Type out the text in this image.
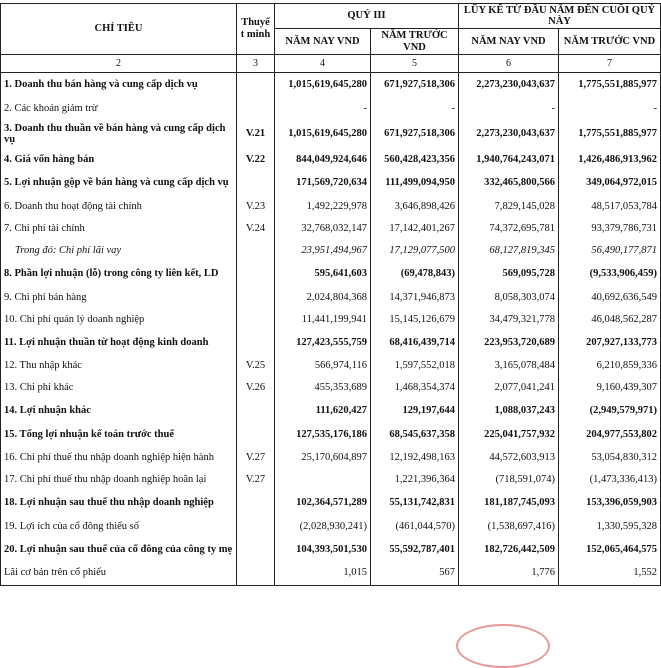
CHỈ TIÊU	Thuyế t minh	QUÝ III		LŨY KẾ TỪ ĐẦU NĂM ĐẾN CUỐI QUÝ NÀY	
		NĂM NAY VND	NĂM TRƯỚC VND	NĂM NAY VND	NĂM TRƯỚC VND
2	3	4	5	6	7
1. Doanh thu bán hàng và cung cấp dịch vụ		1,015,619,645,280	671,927,518,306	2,273,230,043,637	1,775,551,885,977
2. Các khoản giảm trừ		-	-	-	-
3. Doanh thu thuần về bán hàng và cung cấp dịch vụ	V.21	1,015,619,645,280	671,927,518,306	2,273,230,043,637	1,775,551,885,977
4. Giá vốn hàng bán	V.22	844,049,924,646	560,428,423,356	1,940,764,243,071	1,426,486,913,962
5. Lợi nhuận gộp về bán hàng và cung cấp dịch vụ		171,569,720,634	111,499,094,950	332,465,800,566	349,064,972,015
6. Doanh thu hoạt động tài chính	V.23	1,492,229,978	3,646,898,426	7,829,145,028	48,517,053,784
7. Chi phí tài chính	V.24	32,768,032,147	17,142,401,267	74,372,695,781	93,379,786,731
Trong đó: Chi phí lãi vay		23,951,494,967	17,129,077,500	68,127,819,345	56,490,177,871
8. Phần lợi nhuận (lỗ) trong công ty liên kết, LD		595,641,603	(69,478,843)	569,095,728	(9,533,906,459)
9. Chi phí bán hàng		2,024,804,368	14,371,946,873	8,058,303,074	40,692,636,549
10. Chi phí quản lý doanh nghiệp		11,441,199,941	15,145,126,679	34,479,321,778	46,048,562,287
11. Lợi nhuận thuần từ hoạt động kinh doanh		127,423,555,759	68,416,439,714	223,953,720,689	207,927,133,773
12. Thu nhập khác	V.25	566,974,116	1,597,552,018	3,165,078,484	6,210,859,336
13. Chi phí khác	V.26	455,353,689	1,468,354,374	2,077,041,241	9,160,439,307
14. Lợi nhuận khác		111,620,427	129,197,644	1,088,037,243	(2,949,579,971)
15. Tổng lợi nhuận kế toán trước thuế		127,535,176,186	68,545,637,358	225,041,757,932	204,977,553,802
16. Chi phí thuế thu nhập doanh nghiệp hiện hành	V.27	25,170,604,897	12,192,498,163	44,572,603,913	53,054,830,312
17. Chi phí thuế thu nhập doanh nghiệp hoãn lại	V.27		1,221,396,364	(718,591,074)	(1,473,336,413)
18. Lợi nhuận sau thuế thu nhập doanh nghiệp		102,364,571,289	55,131,742,831	181,187,745,093	153,396,059,903
19. Lợi ích của cổ đông thiểu số		(2,028,930,241)	(461,044,570)	(1,538,697,416)	1,330,595,328
20. Lợi nhuận sau thuế của cổ đông của công ty mẹ		104,393,501,530	55,592,787,401	182,726,442,509	152,065,464,575
Lãi cơ bản trên cổ phiếu		1,015	567	1,776	1,552
